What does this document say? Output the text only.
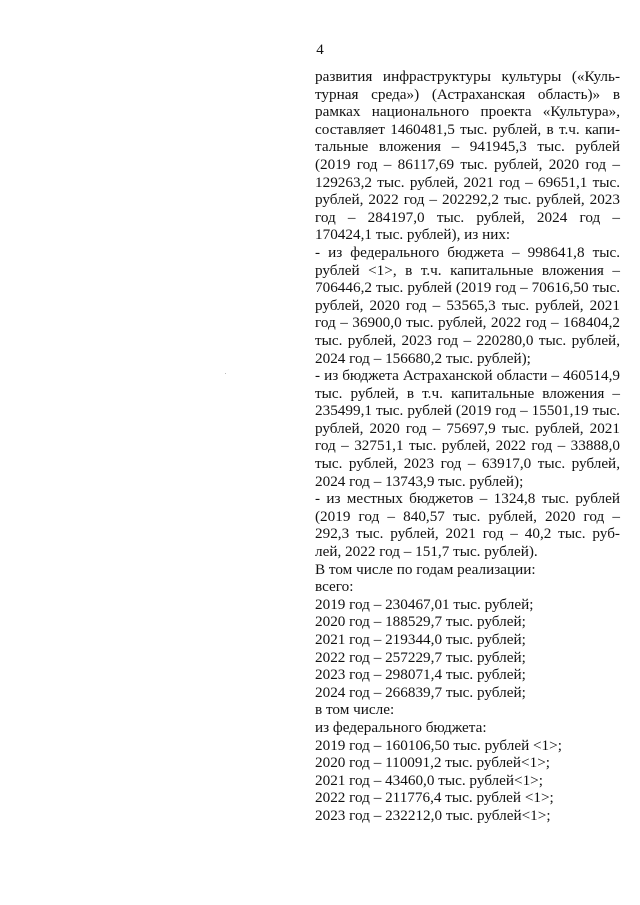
4

развития инфраструктуры культуры («Куль-турная среда») (Астраханская область)» в рамках национального проекта «Культура», составляет 1460481,5 тыс. рублей, в т.ч. капи-тальные вложения – 941945,3 тыс. рублей (2019 год – 86117,69 тыс. рублей, 2020 год – 129263,2 тыс. рублей, 2021 год – 69651,1 тыс. рублей, 2022 год – 202292,2 тыс. рублей, 2023 год – 284197,0 тыс. рублей, 2024 год – 170424,1 тыс. рублей), из них:

- из федерального бюджета – 998641,8 тыс. рублей <1>, в т.ч. капитальные вложения – 706446,2 тыс. рублей (2019 год – 70616,50 тыс. рублей, 2020 год – 53565,3 тыс. рублей, 2021 год – 36900,0 тыс. рублей, 2022 год – 168404,2 тыс. рублей, 2023 год – 220280,0 тыс. рублей, 2024 год – 156680,2 тыс. рублей);

- из бюджета Астраханской области – 460514,9 тыс. рублей, в т.ч. капитальные вложения – 235499,1 тыс. рублей (2019 год – 15501,19 тыс. рублей, 2020 год – 75697,9 тыс. рублей, 2021 год – 32751,1 тыс. рублей, 2022 год – 33888,0 тыс. рублей, 2023 год – 63917,0 тыс. рублей, 2024 год – 13743,9 тыс. рублей);

- из местных бюджетов – 1324,8 тыс. рублей (2019 год – 840,57 тыс. рублей, 2020 год – 292,3 тыс. рублей, 2021 год – 40,2 тыс. руб-лей, 2022 год – 151,7 тыс. рублей).

В том числе по годам реализации:

всего:

2019 год – 230467,01 тыс. рублей;

2020 год – 188529,7 тыс. рублей;

2021 год – 219344,0 тыс. рублей;

2022 год – 257229,7 тыс. рублей;

2023 год – 298071,4 тыс. рублей;

2024 год – 266839,7 тыс. рублей;

в том числе:

из федерального бюджета:

2019 год – 160106,50 тыс. рублей <1>;

2020 год – 110091,2 тыс. рублей<1>;

2021 год – 43460,0 тыс. рублей<1>;

2022 год – 211776,4 тыс. рублей <1>;

2023 год – 232212,0 тыс. рублей<1>;
